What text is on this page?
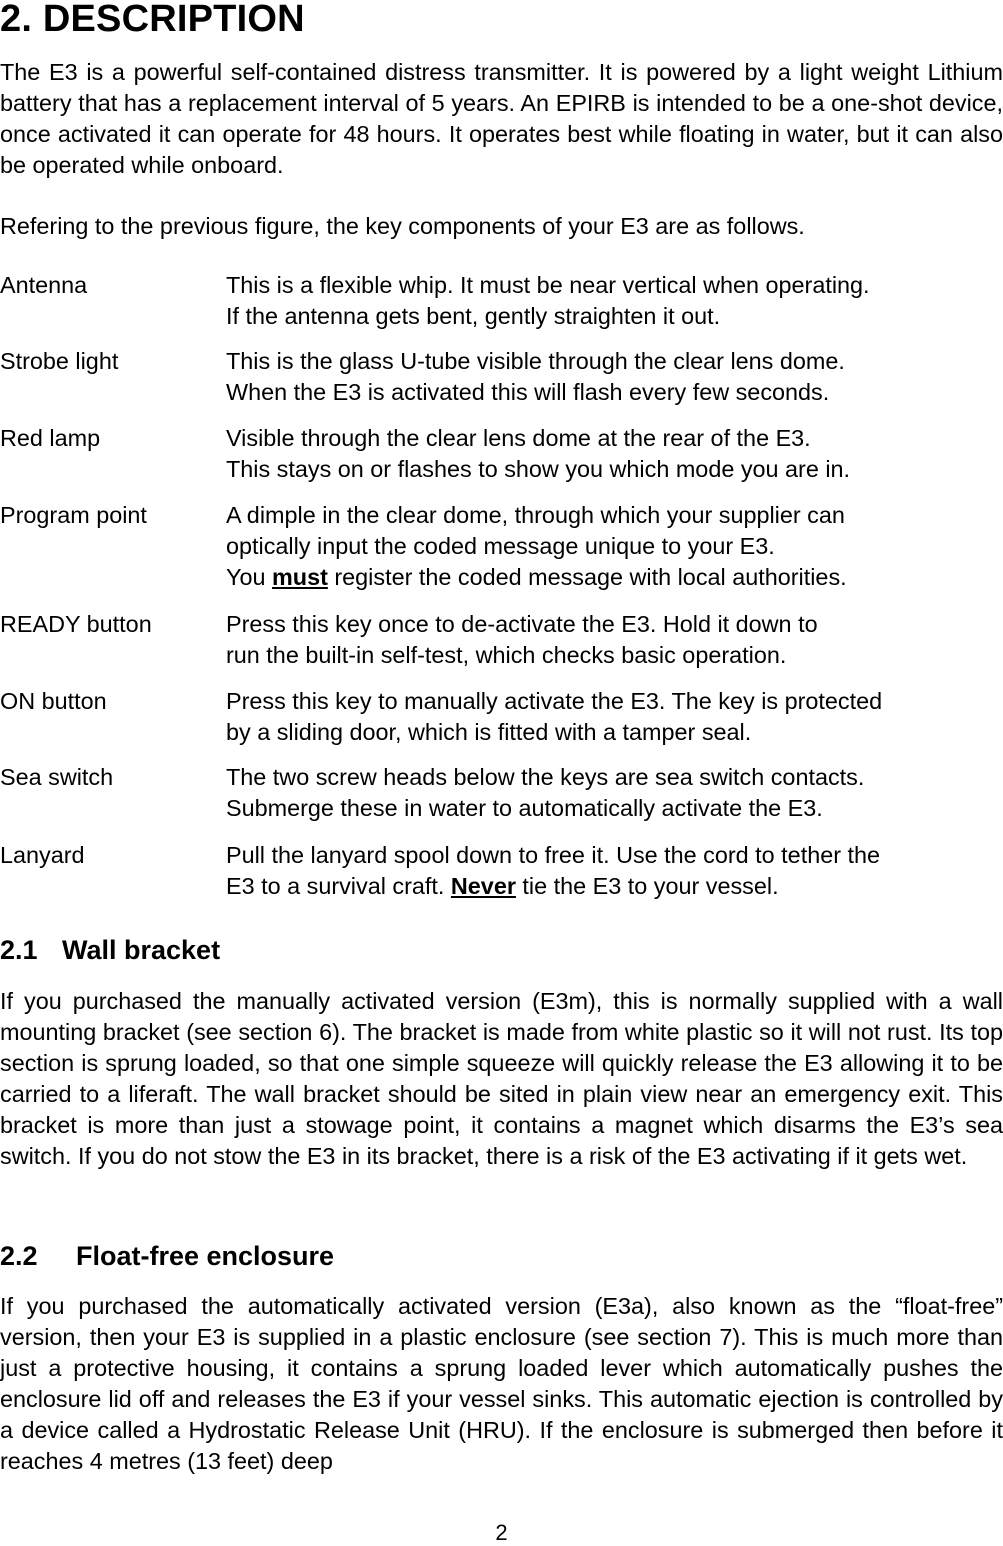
2. DESCRIPTION

The E3 is a powerful self-contained distress transmitter. It is powered by a light weight Lithium battery that has a replacement interval of 5 years. An EPIRB is intended to be a one-shot device, once activated it can operate for 48 hours. It operates best while floating in water, but it can also be operated while onboard.

Refering to the previous figure, the key components of your E3 are as follows.

Antenna	This is a flexible whip. It must be near vertical when operating.
If the antenna gets bent, gently straighten it out.
Strobe light	This is the glass U-tube visible through the clear lens dome.
When the E3 is activated this will flash every few seconds.
Red lamp	Visible through the clear lens dome at the rear of the E3.
This stays on or flashes to show you which mode you are in.
Program point	A dimple in the clear dome, through which your supplier can
optically input the coded message unique to your E3.
You must register the coded message with local authorities.
READY button	Press this key once to de-activate the E3. Hold it down to
run the built-in self-test, which checks basic operation.
ON button	Press this key to manually activate the E3. The key is protected
by a sliding door, which is fitted with a tamper seal.
Sea switch	The two screw heads below the keys are sea switch contacts.
Submerge these in water to automatically activate the E3.
Lanyard	Pull the lanyard spool down to free it. Use the cord to tether the
E3 to a survival craft. Never tie the E3 to your vessel.
2.1 Wall bracket

If you purchased the manually activated version (E3m), this is normally supplied with a wall mounting bracket (see section 6). The bracket is made from white plastic so it will not rust. Its top section is sprung loaded, so that one simple squeeze will quickly release the E3 allowing it to be carried to a liferaft. The wall bracket should be sited in plain view near an emergency exit. This bracket is more than just a stowage point, it contains a magnet which disarms the E3’s sea switch. If you do not stow the E3 in its bracket, there is a risk of the E3 activating if it gets wet.

2.2 Float-free enclosure

If you purchased the automatically activated version (E3a), also known as the “float-free” version, then your E3 is supplied in a plastic enclosure (see section 7). This is much more than just a protective housing, it contains a sprung loaded lever which automatically pushes the enclosure lid off and releases the E3 if your vessel sinks. This automatic ejection is controlled by a device called a Hydrostatic Release Unit (HRU). If the enclosure is submerged then before it reaches 4 metres (13 feet) deep

2
